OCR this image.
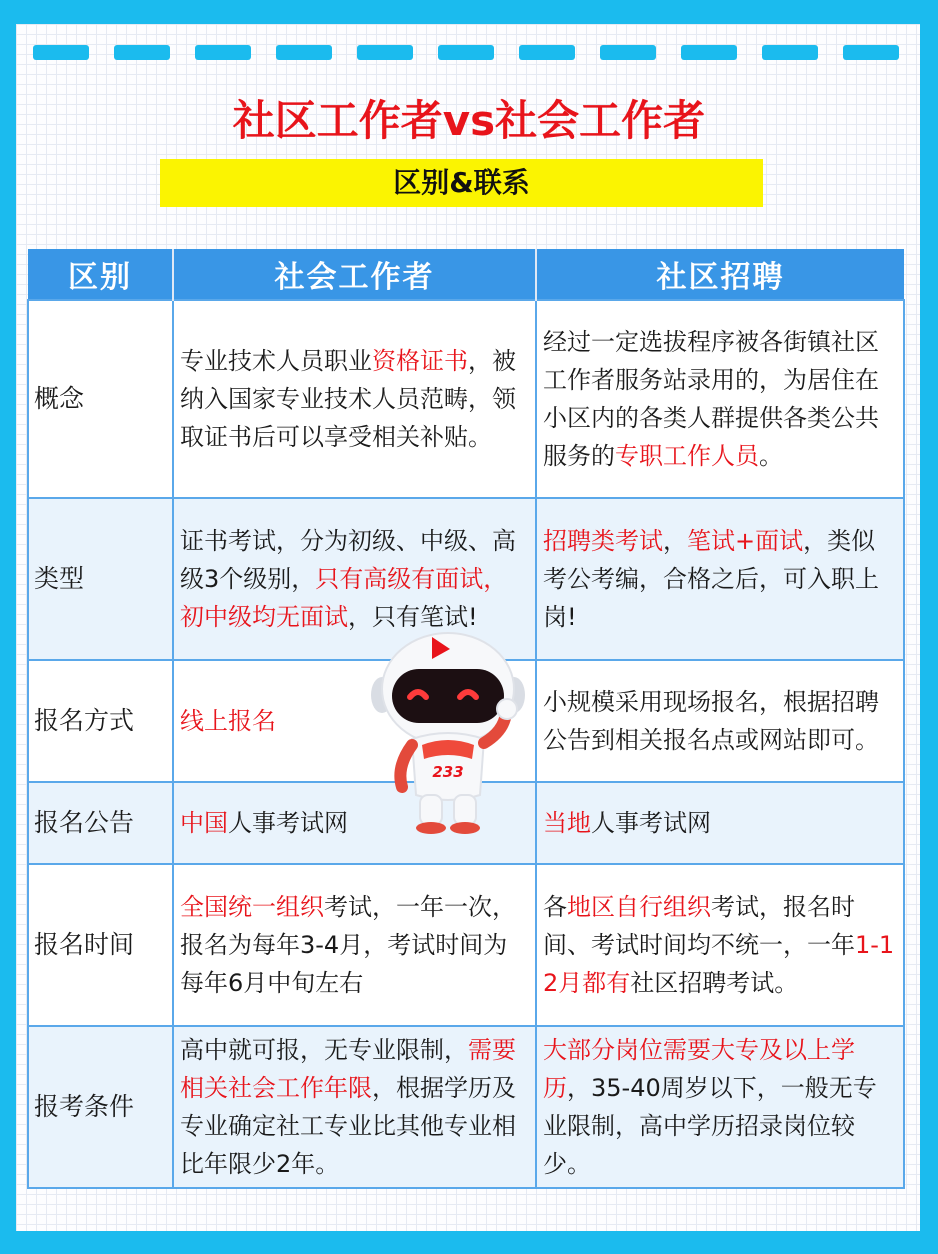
社区工作者vs社会工作者
区别&联系
区别	社会工作者	社区招聘
概念	专业技术人员职业资格证书，被纳入国家专业技术人员范畴，领取证书后可以享受相关补贴。	经过一定选拔程序被各街镇社区工作者服务站录用的，为居住在小区内的各类人群提供各类公共服务的专职工作人员。
类型	证书考试，分为初级、中级、高级3个级别，只有高级有面试，初中级均无面试，只有笔试!	招聘类考试，笔试+面试，类似考公考编，合格之后，可入职上岗!
报名方式	线上报名	小规模采用现场报名，根据招聘公告到相关报名点或网站即可。
报名公告	中国人事考试网	当地人事考试网
报名时间	全国统一组织考试，一年一次，报名为每年3-4月，考试时间为每年6月中旬左右	各地区自行组织考试，报名时间、考试时间均不统一，一年1-12月都有社区招聘考试。
报考条件	高中就可报，无专业限制，需要相关社会工作年限，根据学历及专业确定社工专业比其他专业相比年限少2年。	大部分岗位需要大专及以上学历，35-40周岁以下，一般无专业限制，高中学历招录岗位较少。
233
